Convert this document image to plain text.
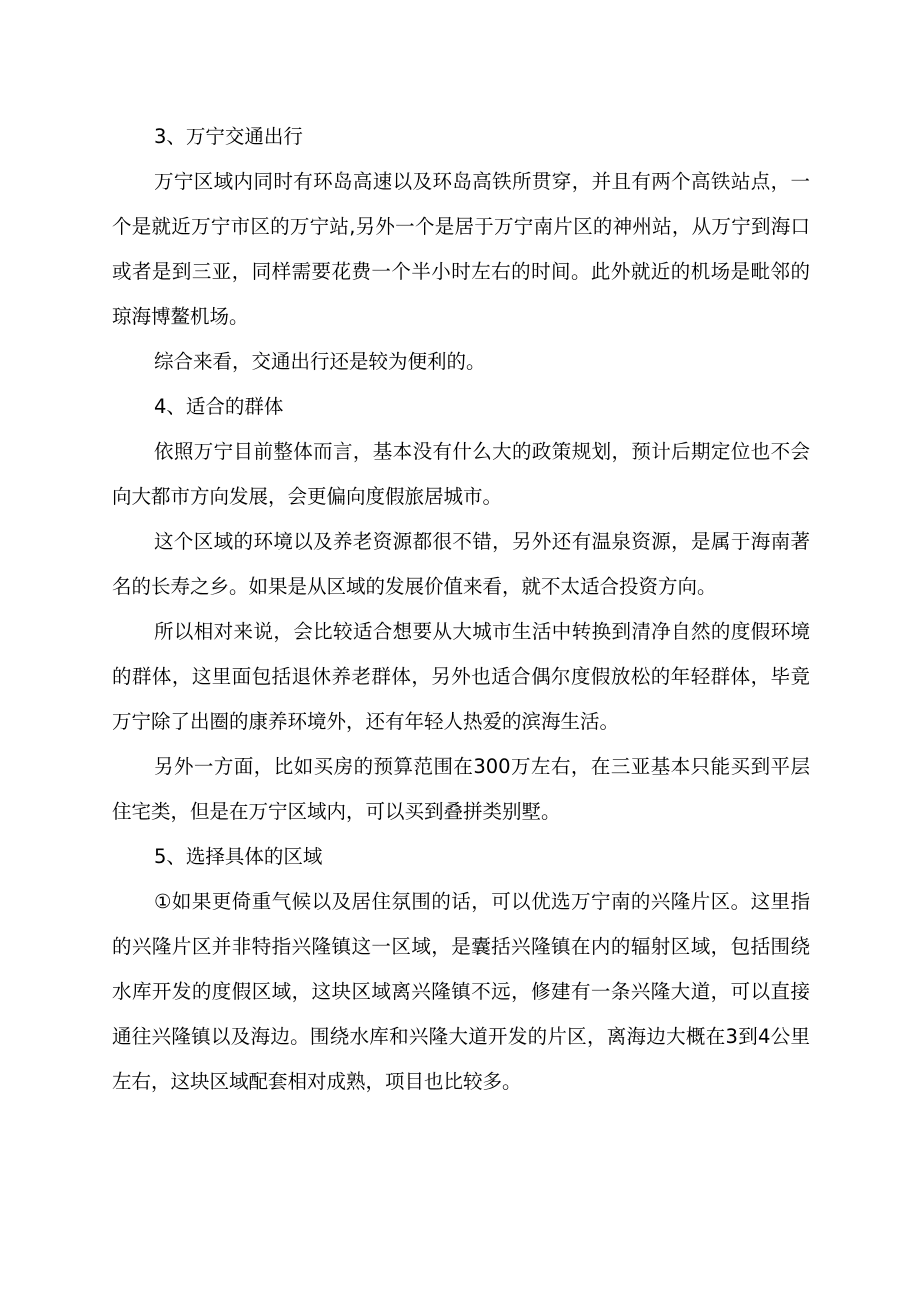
3、万宁交通出行

万宁区域内同时有环岛高速以及环岛高铁所贯穿，并且有两个高铁站点，一个是就近万宁市区的万宁站,另外一个是居于万宁南片区的神州站，从万宁到海口或者是到三亚，同样需要花费一个半小时左右的时间。此外就近的机场是毗邻的琼海博鳌机场。

综合来看，交通出行还是较为便利的。

4、适合的群体

依照万宁目前整体而言，基本没有什么大的政策规划，预计后期定位也不会向大都市方向发展，会更偏向度假旅居城市。

这个区域的环境以及养老资源都很不错，另外还有温泉资源，是属于海南著名的长寿之乡。如果是从区域的发展价值来看，就不太适合投资方向。

所以相对来说，会比较适合想要从大城市生活中转换到清净自然的度假环境的群体，这里面包括退休养老群体，另外也适合偶尔度假放松的年轻群体，毕竟万宁除了出圈的康养环境外，还有年轻人热爱的滨海生活。

另外一方面，比如买房的预算范围在300万左右，在三亚基本只能买到平层住宅类，但是在万宁区域内，可以买到叠拼类别墅。

5、选择具体的区域

①如果更倚重气候以及居住氛围的话，可以优选万宁南的兴隆片区。这里指的兴隆片区并非特指兴隆镇这一区域，是囊括兴隆镇在内的辐射区域，包括围绕水库开发的度假区域，这块区域离兴隆镇不远，修建有一条兴隆大道，可以直接通往兴隆镇以及海边。围绕水库和兴隆大道开发的片区，离海边大概在3到4公里左右，这块区域配套相对成熟，项目也比较多。
